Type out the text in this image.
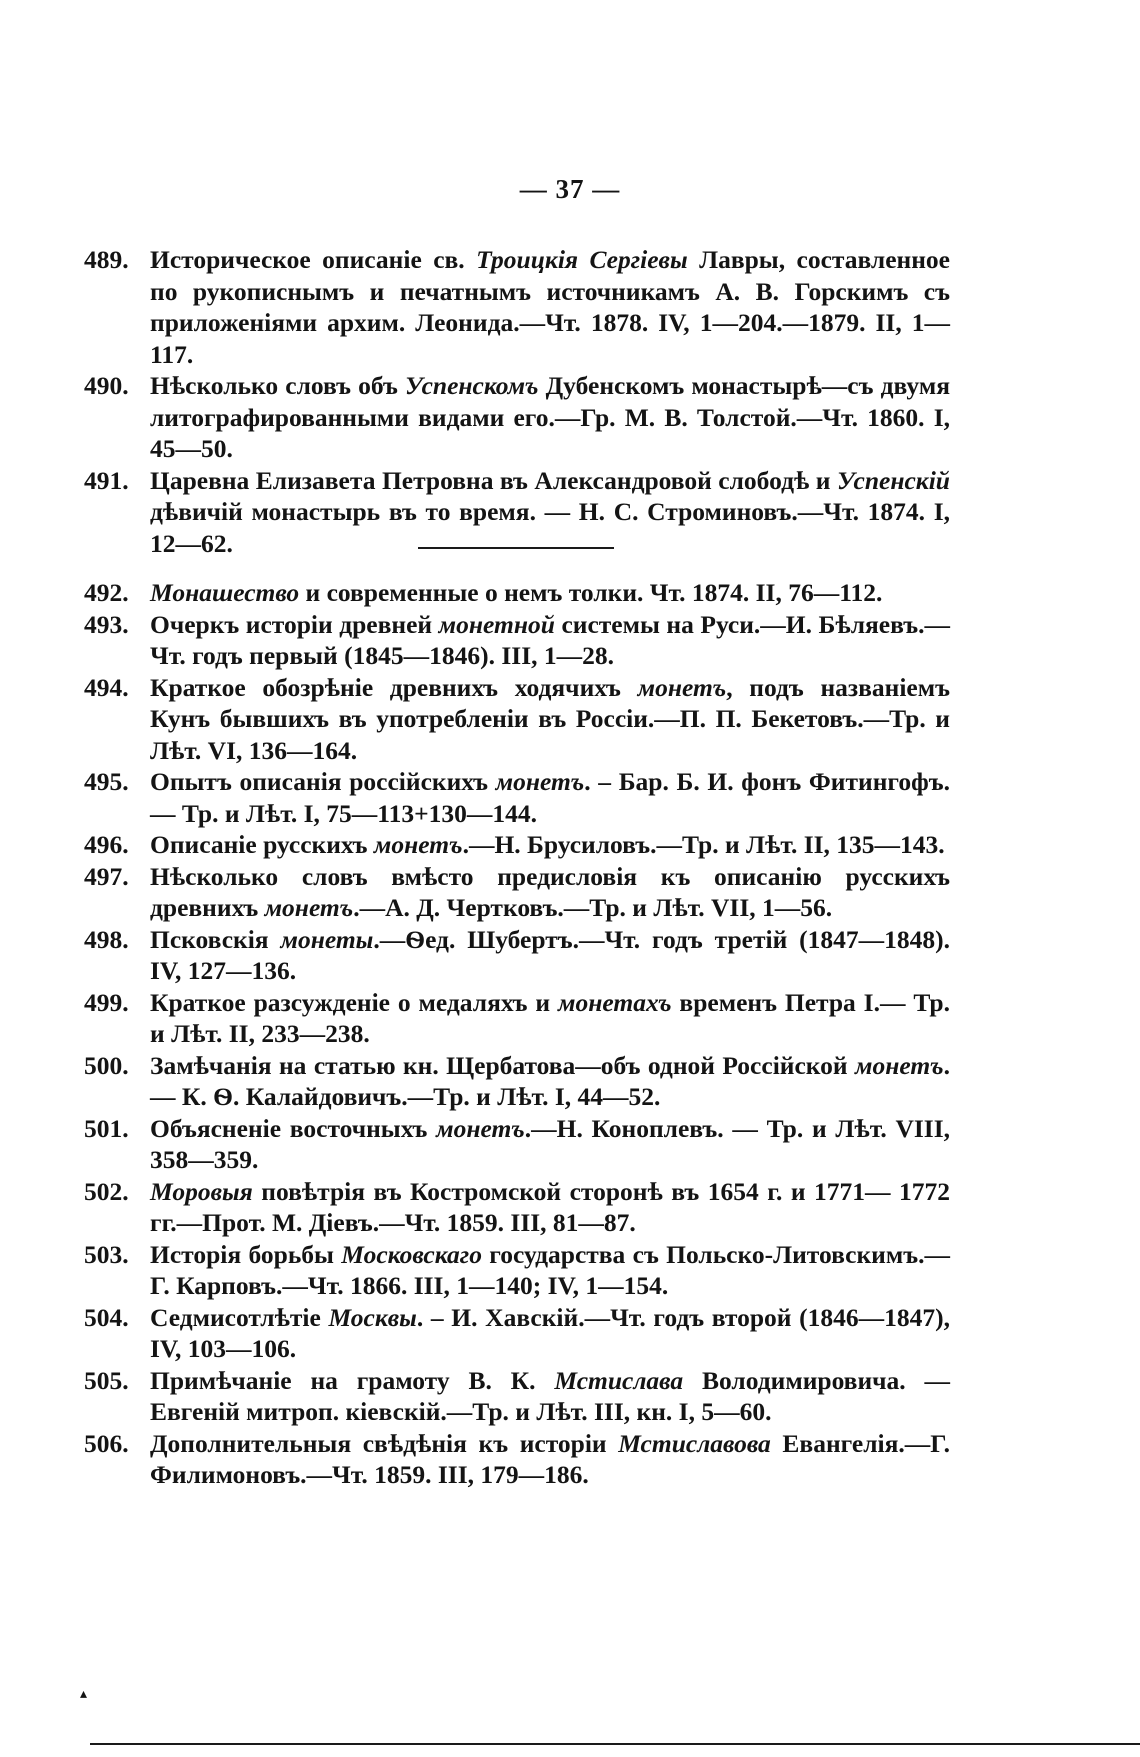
— 37 —
489. Историческое описаніе св. Троицкія Сергіевы Лавры, составленное по рукописнымъ и печатнымъ источникамъ А. В. Горскимъ съ приложеніями архим. Леонида.—Чт. 1878. IV, 1—204.—1879. II, 1—117.
490. Нѣсколько словъ объ Успенскомъ Дубенскомъ монастырѣ—съ двумя литографированными видами его.—Гр. М. В. Толстой.—Чт. 1860. I, 45—50.
491. Царевна Елизавета Петровна въ Александровой слободѣ и Успенскій дѣвичій монастырь въ то время. — Н. С. Строминовъ.—Чт. 1874. I, 12—62.
492. Монашество и современные о немъ толки. Чт. 1874. II, 76—112.
493. Очеркъ исторіи древней монетной системы на Руси.—И. Бѣляевъ.— Чт. годъ первый (1845—1846). III, 1—28.
494. Краткое обозрѣніе древнихъ ходячихъ монетъ, подъ названіемъ Кунъ бывшихъ въ употребленіи въ Россіи.—П. П. Бекетовъ.—Тр. и Лѣт. VI, 136—164.
495. Опытъ описанія россійскихъ монетъ. – Бар. Б. И. фонъ Фитингофъ.— Тр. и Лѣт. I, 75—113+130—144.
496. Описаніе русскихъ монетъ.—Н. Брусиловъ.—Тр. и Лѣт. II, 135—143.
497. Нѣсколько словъ вмѣсто предисловія къ описанію русскихъ древнихъ монетъ.—А. Д. Чертковъ.—Тр. и Лѣт. VII, 1—56.
498. Псковскія монеты.—Ѳед. Шубертъ.—Чт. годъ третій (1847—1848). IV, 127—136.
499. Краткое разсужденіе о медаляхъ и монетахъ временъ Петра I.— Тр. и Лѣт. II, 233—238.
500. Замѣчанія на статью кн. Щербатова—объ одной Россійской монетъ.— К. Ѳ. Калайдовичъ.—Тр. и Лѣт. I, 44—52.
501. Объясненіе восточныхъ монетъ.—Н. Коноплевъ. — Тр. и Лѣт. VIII, 358—359.
502. Моровыя повѣтрія въ Костромской сторонѣ въ 1654 г. и 1771— 1772 гг.—Прот. М. Діевъ.—Чт. 1859. III, 81—87.
503. Исторія борьбы Московскаго государства съ Польско-Литовскимъ.— Г. Карповъ.—Чт. 1866. III, 1—140; IV, 1—154.
504. Седмисотлѣтіе Москвы. – И. Хавскій.—Чт. годъ второй (1846—1847), IV, 103—106.
505. Примѣчаніе на грамоту В. К. Мстислава Володимировича. — Евгеній митроп. кіевскій.—Тр. и Лѣт. III, кн. I, 5—60.
506. Дополнительныя свѣдѣнія къ исторіи Мстиславова Евангелія.—Г. Филимоновъ.—Чт. 1859. III, 179—186.
▴
